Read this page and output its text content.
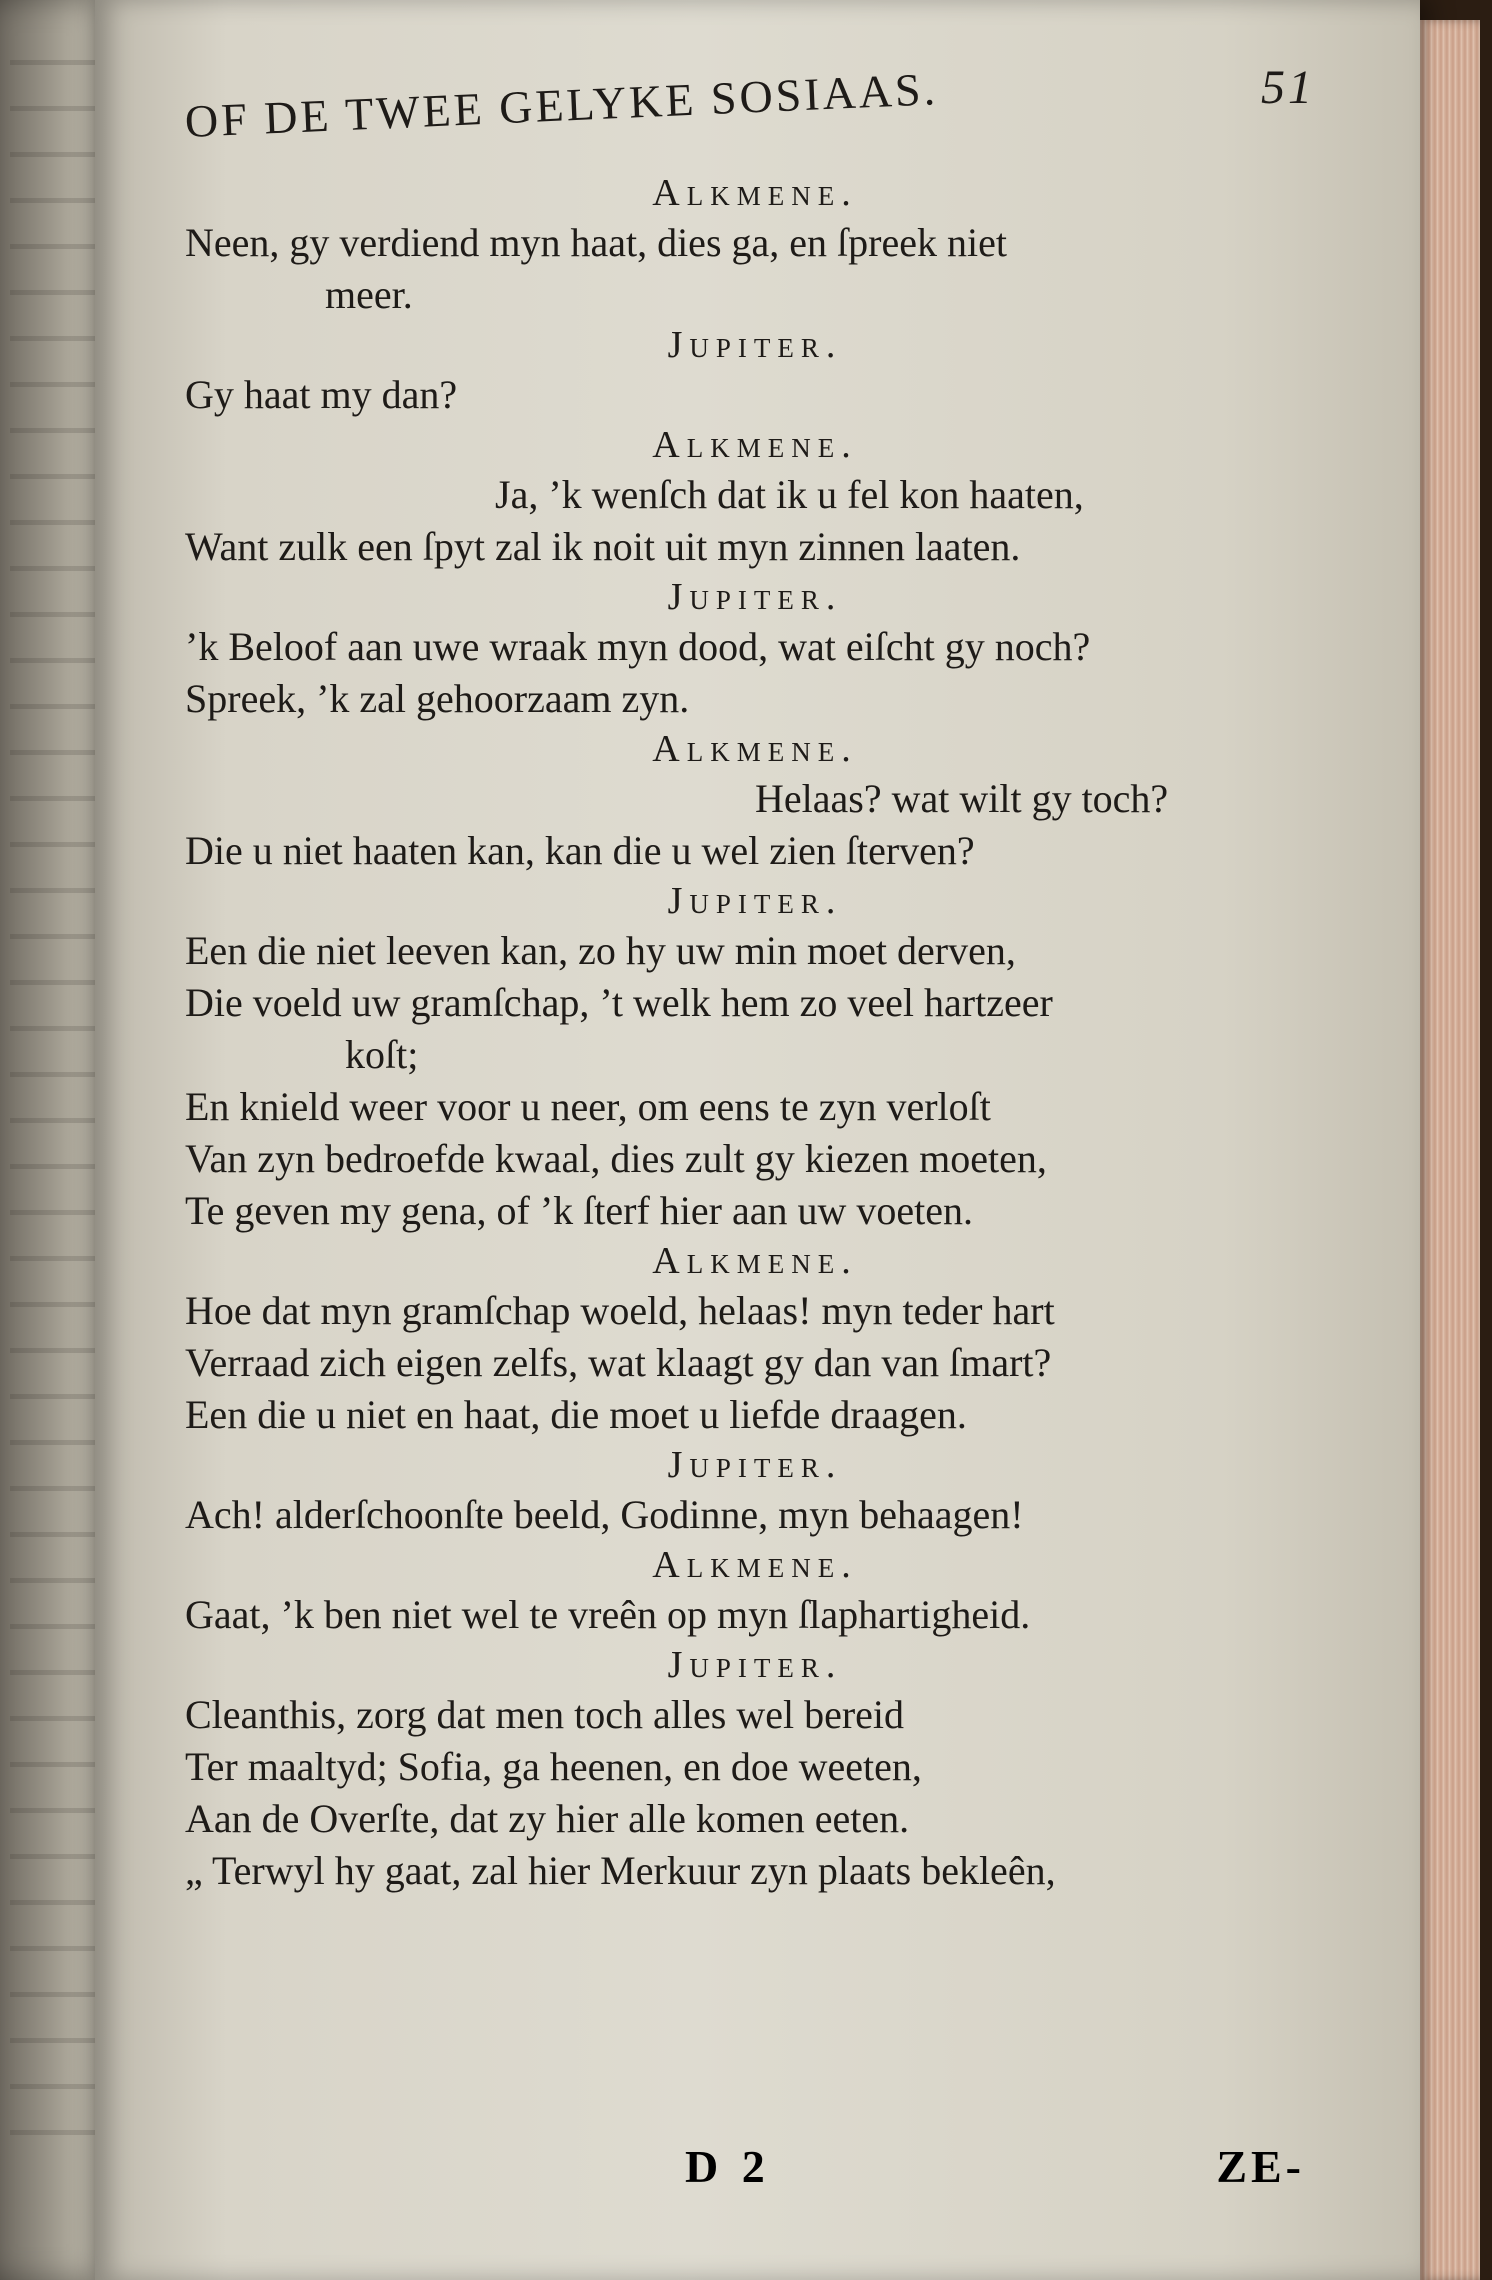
OF DE TWEE GELYKE SOSIAAS.	51
Alkmene.
Neen, gy verdiend myn haat, dies ga, en ſpreek niet
meer.
Jupiter.
Gy haat my dan?
Alkmene.
Ja, ’k wenſch dat ik u fel kon haaten,
Want zulk een ſpyt zal ik noit uit myn zinnen laaten.
Jupiter.
’k Beloof aan uwe wraak myn dood, wat eiſcht gy noch?
Spreek, ’k zal gehoorzaam zyn.
Alkmene.
Helaas? wat wilt gy toch?
Die u niet haaten kan, kan die u wel zien ſterven?
Jupiter.
Een die niet leeven kan, zo hy uw min moet derven,
Die voeld uw gramſchap, ’t welk hem zo veel hartzeer
koſt;
En knield weer voor u neer, om eens te zyn verloſt
Van zyn bedroefde kwaal, dies zult gy kiezen moeten,
Te geven my gena, of ’k ſterf hier aan uw voeten.
Alkmene.
Hoe dat myn gramſchap woeld, helaas! myn teder hart
Verraad zich eigen zelfs, wat klaagt gy dan van ſmart?
Een die u niet en haat, die moet u liefde draagen.
Jupiter.
Ach! alderſchoonſte beeld, Godinne, myn behaagen!
Alkmene.
Gaat, ’k ben niet wel te vreên op myn ſlaphartigheid.
Jupiter.
Cleanthis, zorg dat men toch alles wel bereid
Ter maaltyd; Sofia, ga heenen, en doe weeten,
Aan de Overſte, dat zy hier alle komen eeten.
„ Terwyl hy gaat, zal hier Merkuur zyn plaats bekleên,
D 2	ZE-
